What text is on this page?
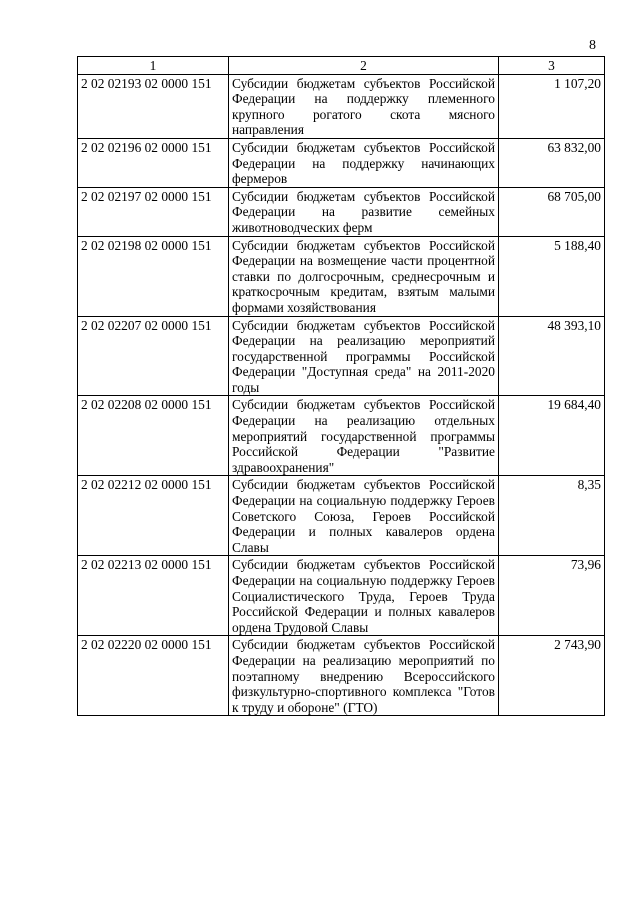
8
1	2	3
2 02 02193 02 0000 151	Субсидии бюджетам субъектов Российской Федерации на поддержку племенного крупного рогатого скота мясного направления	1 107,20
2 02 02196 02 0000 151	Субсидии бюджетам субъектов Российской Федерации на поддержку начинающих фермеров	63 832,00
2 02 02197 02 0000 151	Субсидии бюджетам субъектов Российской Федерации на развитие семейных животноводческих ферм	68 705,00
2 02 02198 02 0000 151	Субсидии бюджетам субъектов Российской Федерации на возмещение части процентной ставки по долгосрочным, среднесрочным и краткосрочным кредитам, взятым малыми формами хозяйствования	5 188,40
2 02 02207 02 0000 151	Субсидии бюджетам субъектов Российской Федерации на реализацию мероприятий государственной программы Российской Федерации "Доступная среда" на 2011-2020 годы	48 393,10
2 02 02208 02 0000 151	Субсидии бюджетам субъектов Российской Федерации на реализацию отдельных мероприятий государственной программы Российской Федерации "Развитие здравоохранения"	19 684,40
2 02 02212 02 0000 151	Субсидии бюджетам субъектов Российской Федерации на социальную поддержку Героев Советского Союза, Героев Российской Федерации и полных кавалеров ордена Славы	8,35
2 02 02213 02 0000 151	Субсидии бюджетам субъектов Российской Федерации на социальную поддержку Героев Социалистического Труда, Героев Труда Российской Федерации и полных кавалеров ордена Трудовой Славы	73,96
2 02 02220 02 0000 151	Субсидии бюджетам субъектов Российской Федерации на реализацию мероприятий по поэтапному внедрению Всероссийского физкультурно-спортивного комплекса "Готов к труду и обороне" (ГТО)	2 743,90
